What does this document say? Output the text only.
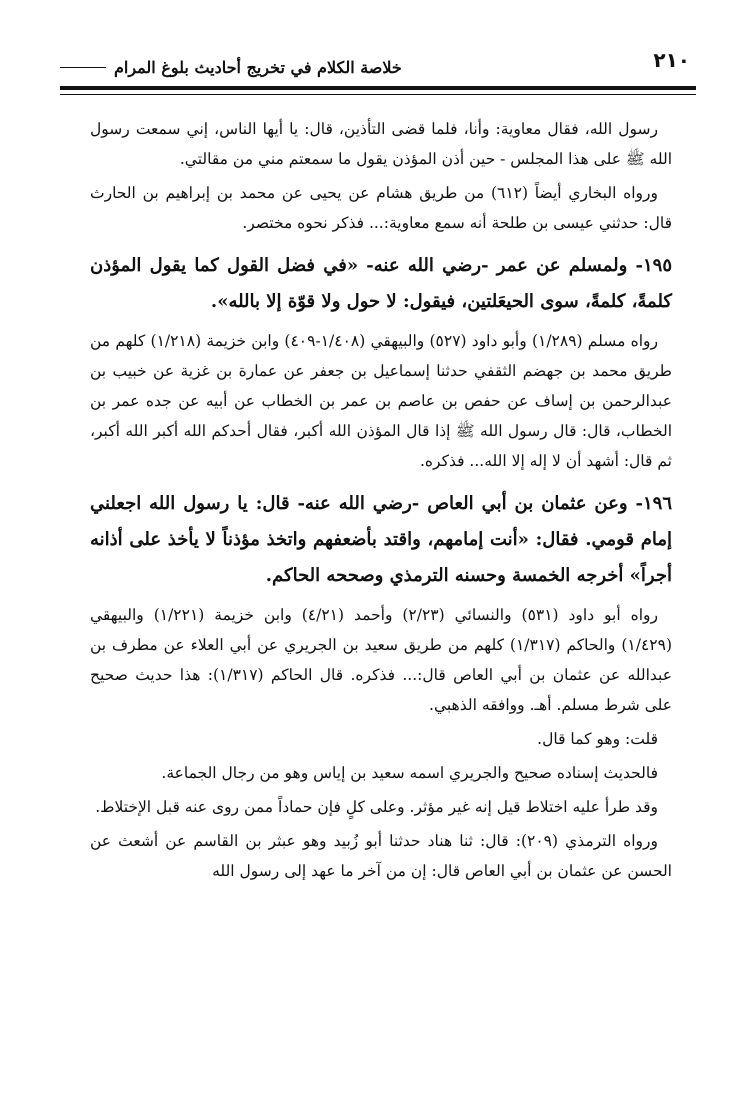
٢١٠
خلاصة الكلام في تخريج أحاديث بلوغ المرام

رسول الله، فقال معاوية: وأنا، فلما قضى التأذين، قال: يا أيها الناس، إني سمعت رسول الله ﷺ على هذا المجلس - حين أذن المؤذن يقول ما سمعتم مني من مقالتي.

ورواه البخاري أيضاً (٦١٢) من طريق هشام عن يحيى عن محمد بن إبراهيم بن الحارث قال: حدثني عيسى بن طلحة أنه سمع معاوية:... فذكر نحوه مختصر.

١٩٥- ولمسلم عن عمر -رضي الله عنه- «في فضل القول كما يقول المؤذن كلمةً، كلمةً، سوى الحيعَلتين، فيقول: لا حول ولا قوّة إلا بالله».

رواه مسلم (١/٢٨٩) وأبو داود (٥٢٧) والبيهقي (١/٤٠٨-٤٠٩) وابن خزيمة (١/٢١٨) كلهم من طريق محمد بن جهضم الثقفي حدثنا إسماعيل بن جعفر عن عمارة بن غزية عن خبيب بن عبدالرحمن بن إساف عن حفص بن عاصم بن عمر بن الخطاب عن أبيه عن جده عمر بن الخطاب، قال: قال رسول الله ﷺ إذا قال المؤذن الله أكبر، فقال أحدكم الله أكبر الله أكبر، ثم قال: أشهد أن لا إله إلا الله... فذكره.

١٩٦- وعن عثمان بن أبي العاص -رضي الله عنه- قال: يا رسول الله اجعلني إمام قومي. فقال: «أنت إمامهم، واقتد بأضعفهم واتخذ مؤذناً لا يأخذ على أذانه أجراً» أخرجه الخمسة وحسنه الترمذي وصححه الحاكم.

رواه أبو داود (٥٣١) والنسائي (٢/٢٣) وأحمد (٤/٢١) وابن خزيمة (١/٢٢١) والبيهقي (١/٤٢٩) والحاكم (١/٣١٧) كلهم من طريق سعيد بن الجريري عن أبي العلاء عن مطرف بن عبدالله عن عثمان بن أبي العاص قال:... فذكره. قال الحاكم (١/٣١٧): هذا حديث صحيح على شرط مسلم. أهـ. ووافقه الذهبي.

قلت: وهو كما قال.

فالحديث إسناده صحيح والجريري اسمه سعيد بن إياس وهو من رجال الجماعة.

وقد طرأ عليه اختلاط قيل إنه غير مؤثر. وعلى كلٍ فإن حماداً ممن روى عنه قبل الإختلاط.

ورواه الترمذي (٢٠٩): قال: ثنا هناد حدثنا أبو زُبيد وهو عبثر بن القاسم عن أشعث عن الحسن عن عثمان بن أبي العاص قال: إن من آخر ما عهد إلى رسول الله
